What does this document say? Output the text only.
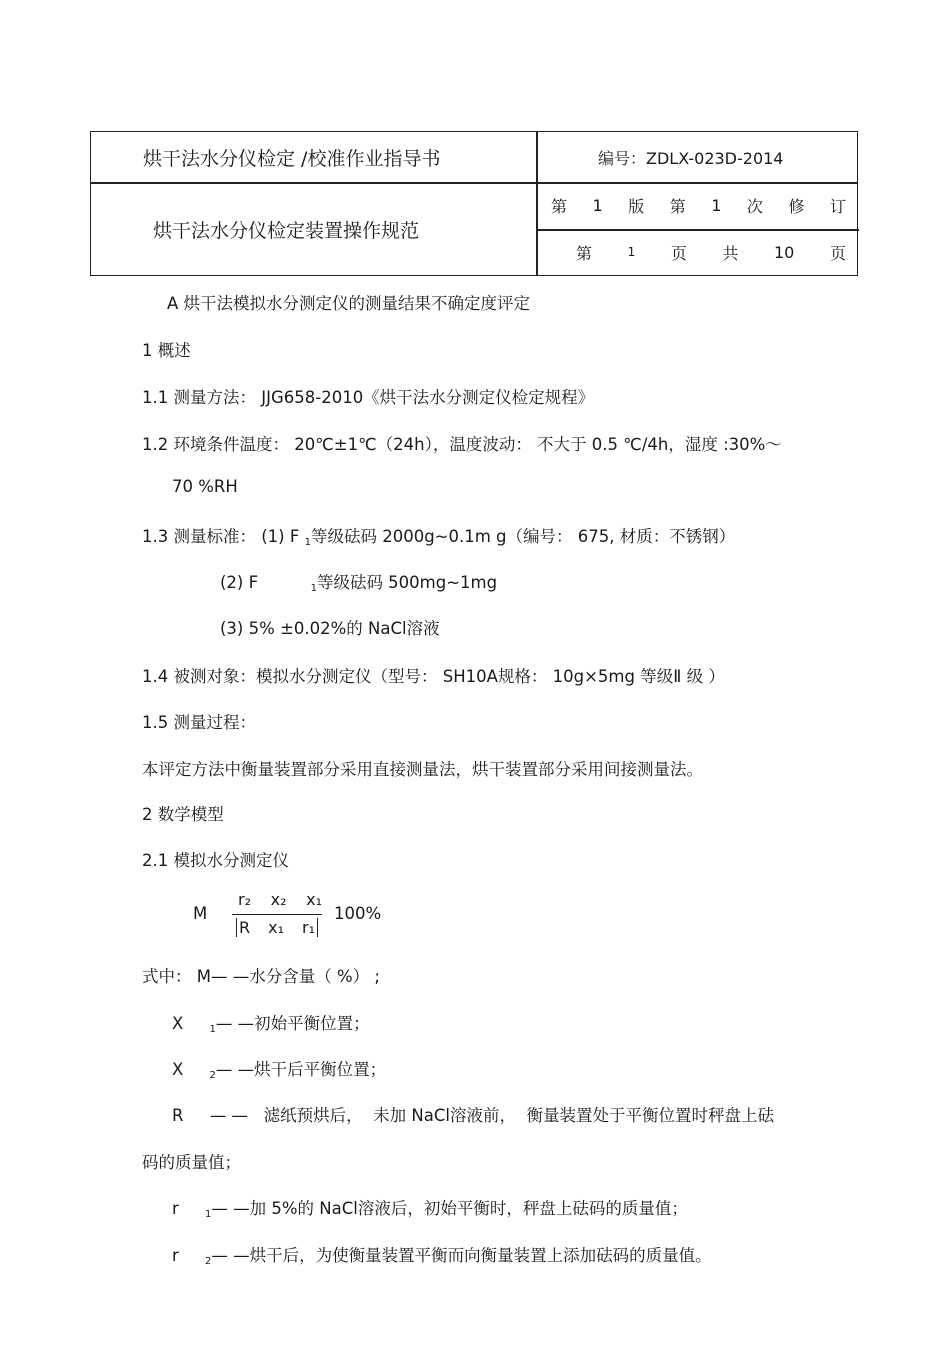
烘干法水分仪检定 /校准作业指导书
烘干法水分仪检定装置操作规范
编号：ZDLX-023D-2014
第 1 版 第 1 次 修 订
第	1 页 共 10 页
A 烘干法模拟水分测定仪的测量结果不确定度评定
1 概述
1.1 测量方法： JJG658-2010《烘干法水分测定仪检定规程》
1.2 环境条件温度： 20℃±1℃（24h），温度波动： 不大于 0.5 ℃/4h，湿度 :30%～
70 %RH
1.3 测量标准： (1) F $_1$等级砝码 2000g~0.1m g（编号： 675, 材质：不锈钢）
(2) F          $_1$等级砝码 500mg~1mg
(3) 5% ±0.02%的 NaCl溶液
1.4 被测对象：模拟水分测定仪（型号： SH10A规格： 10g×5mg 等级Ⅱ 级 ）
1.5 测量过程：
本评定方法中衡量装置部分采用直接测量法，烘干装置部分采用间接测量法。
2 数学模型
2.1 模拟水分测定仪
M
r₂ x₂ x₁
R x₁ r₁
100%
式中： M— —水分含量（ %） ;
X     $_1$— —初始平衡位置；
X     $_2$— —烘干后平衡位置；
R     — —   滤纸预烘后，  未加 NaCl溶液前，  衡量装置处于平衡位置时秤盘上砝
码的质量值；
r     $_1$— —加 5%的 NaCl溶液后，初始平衡时，秤盘上砝码的质量值；
r     $_2$— —烘干后，为使衡量装置平衡而向衡量装置上添加砝码的质量值。
